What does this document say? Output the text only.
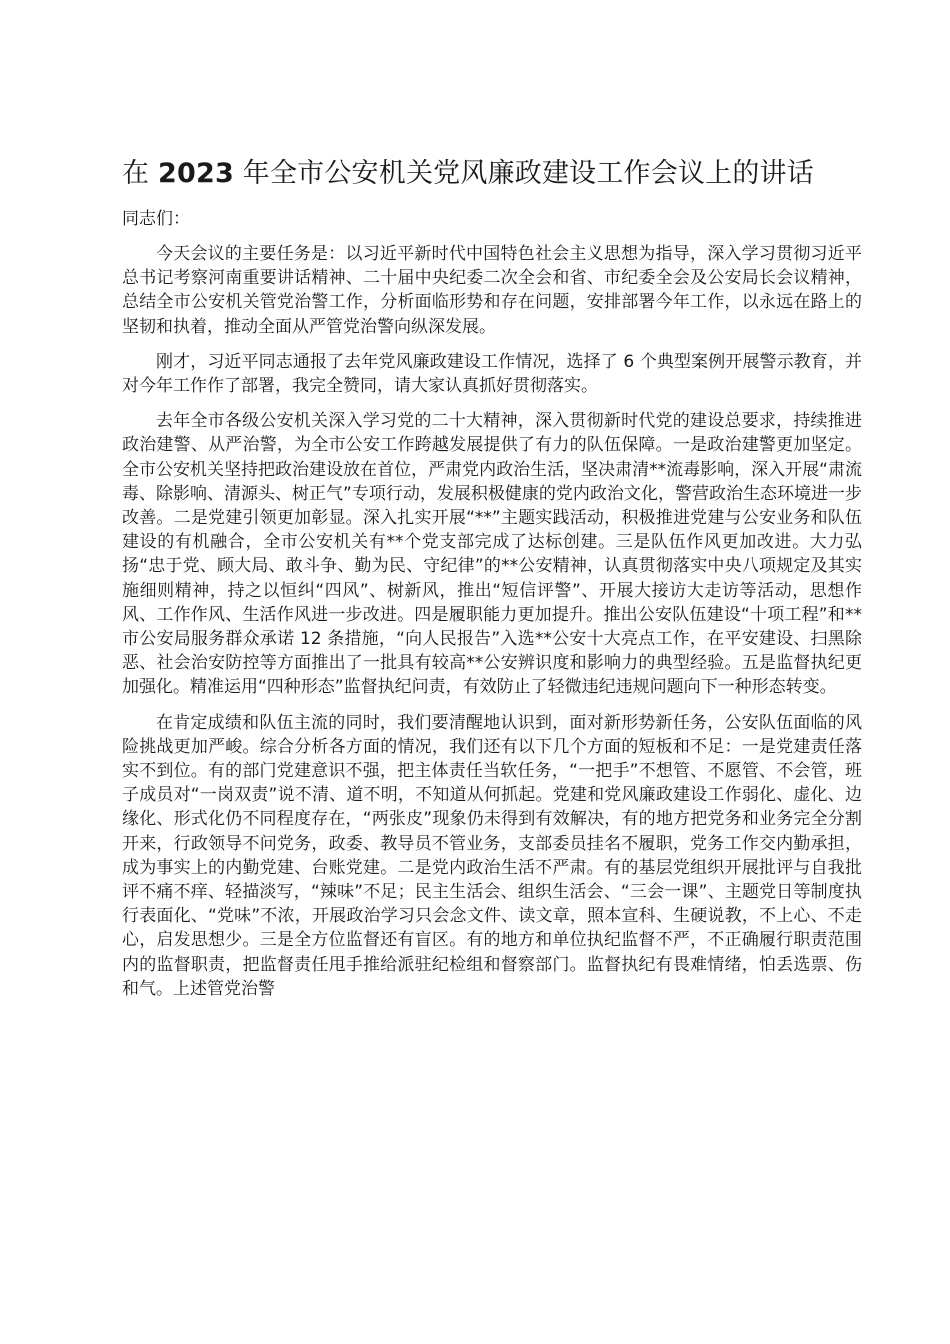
在 2023 年全市公安机关党风廉政建设工作会议上的讲话

同志们：

今天会议的主要任务是：以习近平新时代中国特色社会主义思想为指导，深入学习贯彻习近平总书记考察河南重要讲话精神、二十届中央纪委二次全会和省、市纪委全会及公安局长会议精神，总结全市公安机关管党治警工作，分析面临形势和存在问题，安排部署今年工作，以永远在路上的坚韧和执着，推动全面从严管党治警向纵深发展。

刚才，习近平同志通报了去年党风廉政建设工作情况，选择了 6 个典型案例开展警示教育，并对今年工作作了部署，我完全赞同，请大家认真抓好贯彻落实。

去年全市各级公安机关深入学习党的二十大精神，深入贯彻新时代党的建设总要求，持续推进政治建警、从严治警，为全市公安工作跨越发展提供了有力的队伍保障。一是政治建警更加坚定。全市公安机关坚持把政治建设放在首位，严肃党内政治生活，坚决肃清**流毒影响，深入开展“肃流毒、除影响、清源头、树正气”专项行动，发展积极健康的党内政治文化，警营政治生态环境进一步改善。二是党建引领更加彰显。深入扎实开展“**”主题实践活动，积极推进党建与公安业务和队伍建设的有机融合，全市公安机关有**个党支部完成了达标创建。三是队伍作风更加改进。大力弘扬“忠于党、顾大局、敢斗争、勤为民、守纪律”的**公安精神，认真贯彻落实中央八项规定及其实施细则精神，持之以恒纠“四风”、树新风，推出“短信评警”、开展大接访大走访等活动，思想作风、工作作风、生活作风进一步改进。四是履职能力更加提升。推出公安队伍建设“十项工程”和**市公安局服务群众承诺 12 条措施，“向人民报告”入选**公安十大亮点工作，在平安建设、扫黑除恶、社会治安防控等方面推出了一批具有较高**公安辨识度和影响力的典型经验。五是监督执纪更加强化。精准运用“四种形态”监督执纪问责，有效防止了轻微违纪违规问题向下一种形态转变。

在肯定成绩和队伍主流的同时，我们要清醒地认识到，面对新形势新任务，公安队伍面临的风险挑战更加严峻。综合分析各方面的情况，我们还有以下几个方面的短板和不足：一是党建责任落实不到位。有的部门党建意识不强，把主体责任当软任务，“一把手”不想管、不愿管、不会管，班子成员对“一岗双责”说不清、道不明，不知道从何抓起。党建和党风廉政建设工作弱化、虚化、边缘化、形式化仍不同程度存在，“两张皮”现象仍未得到有效解决，有的地方把党务和业务完全分割开来，行政领导不问党务，政委、教导员不管业务，支部委员挂名不履职，党务工作交内勤承担，成为事实上的内勤党建、台账党建。二是党内政治生活不严肃。有的基层党组织开展批评与自我批评不痛不痒、轻描淡写，“辣味”不足；民主生活会、组织生活会、“三会一课”、主题党日等制度执行表面化、“党味”不浓，开展政治学习只会念文件、读文章，照本宣科、生硬说教，不上心、不走心，启发思想少。三是全方位监督还有盲区。有的地方和单位执纪监督不严，不正确履行职责范围内的监督职责，把监督责任甩手推给派驻纪检组和督察部门。监督执纪有畏难情绪，怕丢选票、伤和气。上述管党治警
